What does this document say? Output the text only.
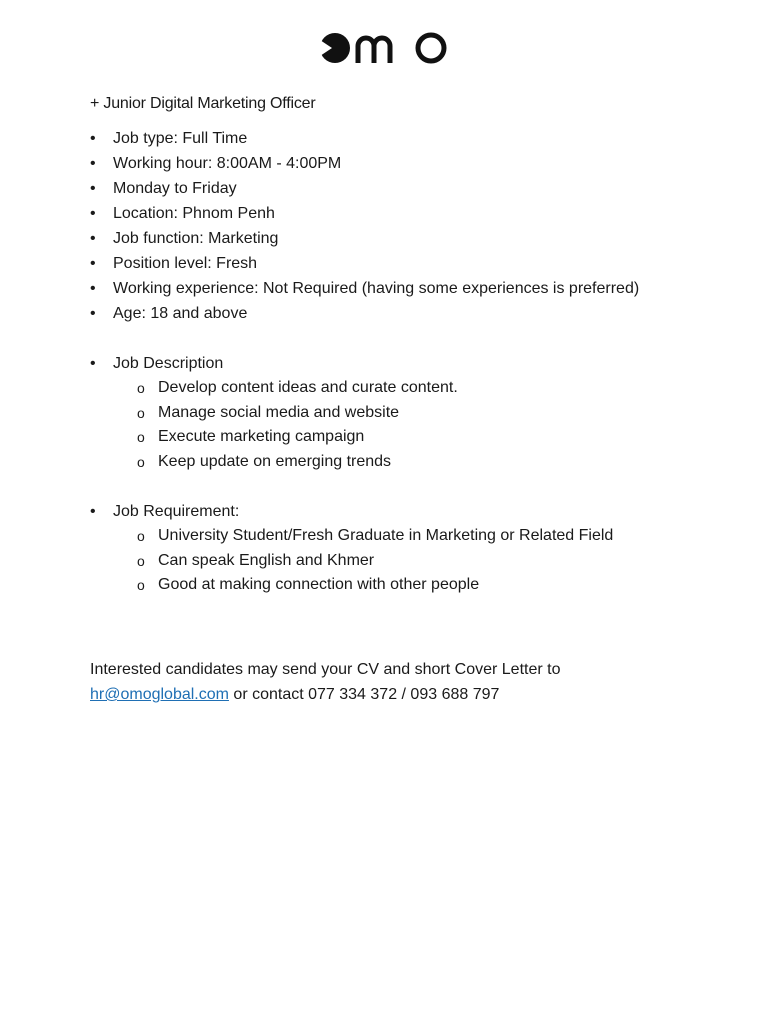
+ Junior Digital Marketing Officer
• Job type: Full Time
• Working hour: 8:00AM - 4:00PM
• Monday to Friday
• Location: Phnom Penh
• Job function: Marketing
• Position level: Fresh
• Working experience: Not Required (having some experiences is preferred)
• Age: 18 and above
• Job Description
o Develop content ideas and curate content.
o Manage social media and website
o Execute marketing campaign
o Keep update on emerging trends
• Job Requirement:
o University Student/Fresh Graduate in Marketing or Related Field
o Can speak English and Khmer
o Good at making connection with other people
Interested candidates may send your CV and short Cover Letter to
hr@omoglobal.com or contact 077 334 372 / 093 688 797
